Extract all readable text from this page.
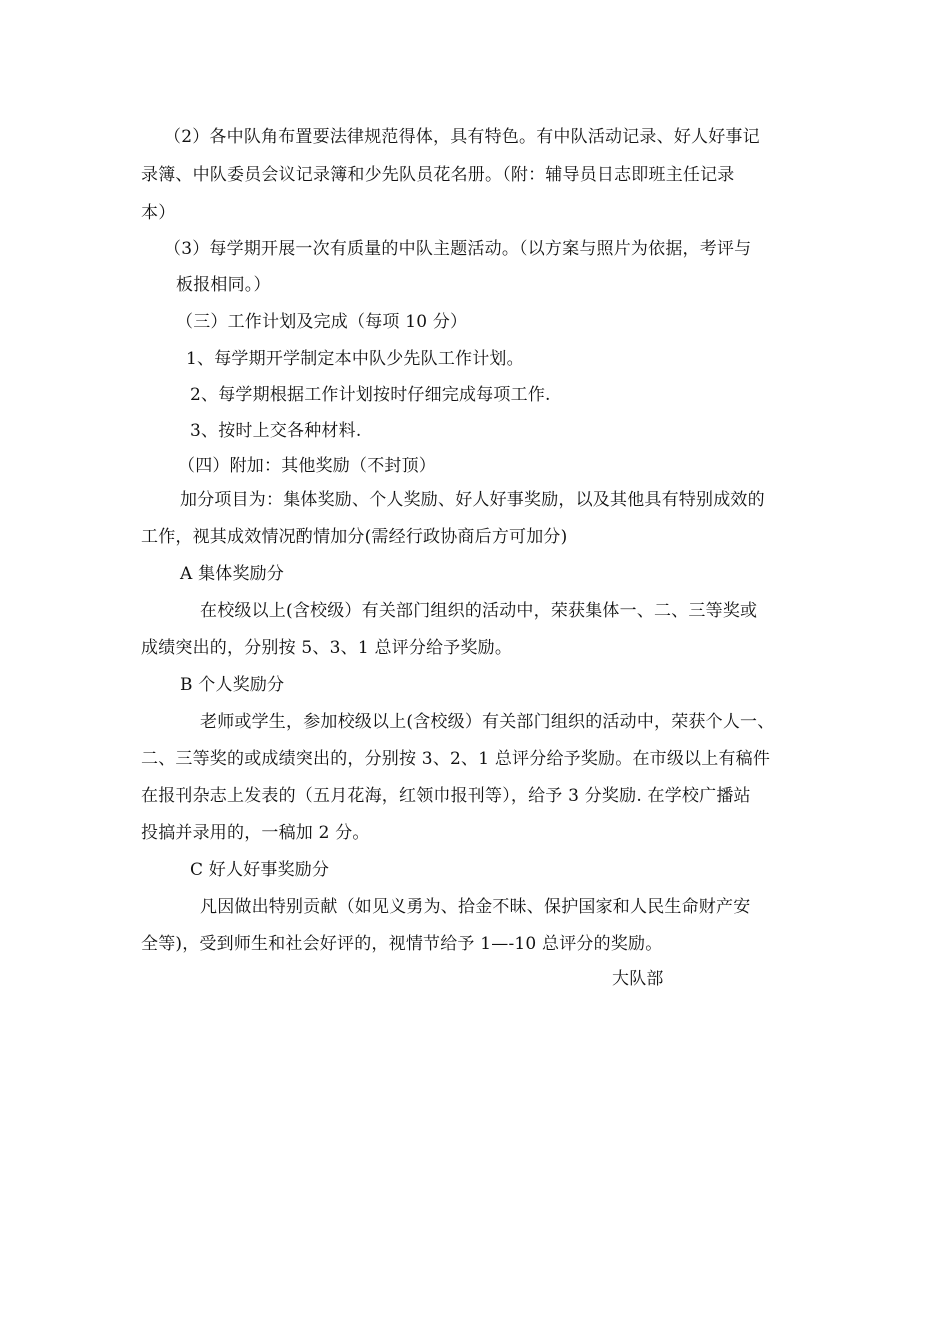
（2）各中队角布置要法律规范得体，具有特色。有中队活动记录、好人好事记

录簿、中队委员会议记录簿和少先队员花名册。（附：辅导员日志即班主任记录

本）

（3）每学期开展一次有质量的中队主题活动。（以方案与照片为依据，考评与

板报相同。）

（三）工作计划及完成（每项 10 分）

1、每学期开学制定本中队少先队工作计划。

2、每学期根据工作计划按时仔细完成每项工作.

3、按时上交各种材料.

（四）附加：其他奖励（不封顶）

加分项目为：集体奖励、个人奖励、好人好事奖励，以及其他具有特别成效的

工作，视其成效情况酌情加分(需经行政协商后方可加分)

A 集体奖励分

在校级以上(含校级）有关部门组织的活动中，荣获集体一、二、三等奖或

成绩突出的，分别按 5、3、1 总评分给予奖励。

B 个人奖励分

老师或学生，参加校级以上(含校级）有关部门组织的活动中，荣获个人一、

二、三等奖的或成绩突出的，分别按 3、2、1 总评分给予奖励。在市级以上有稿件

在报刊杂志上发表的（五月花海，红领巾报刊等），给予 3 分奖励. 在学校广播站

投搞并录用的，一稿加 2 分。

C 好人好事奖励分

凡因做出特别贡献（如见义勇为、拾金不昧、保护国家和人民生命财产安

全等)，受到师生和社会好评的，视情节给予 1—-10 总评分的奖励。

大队部
